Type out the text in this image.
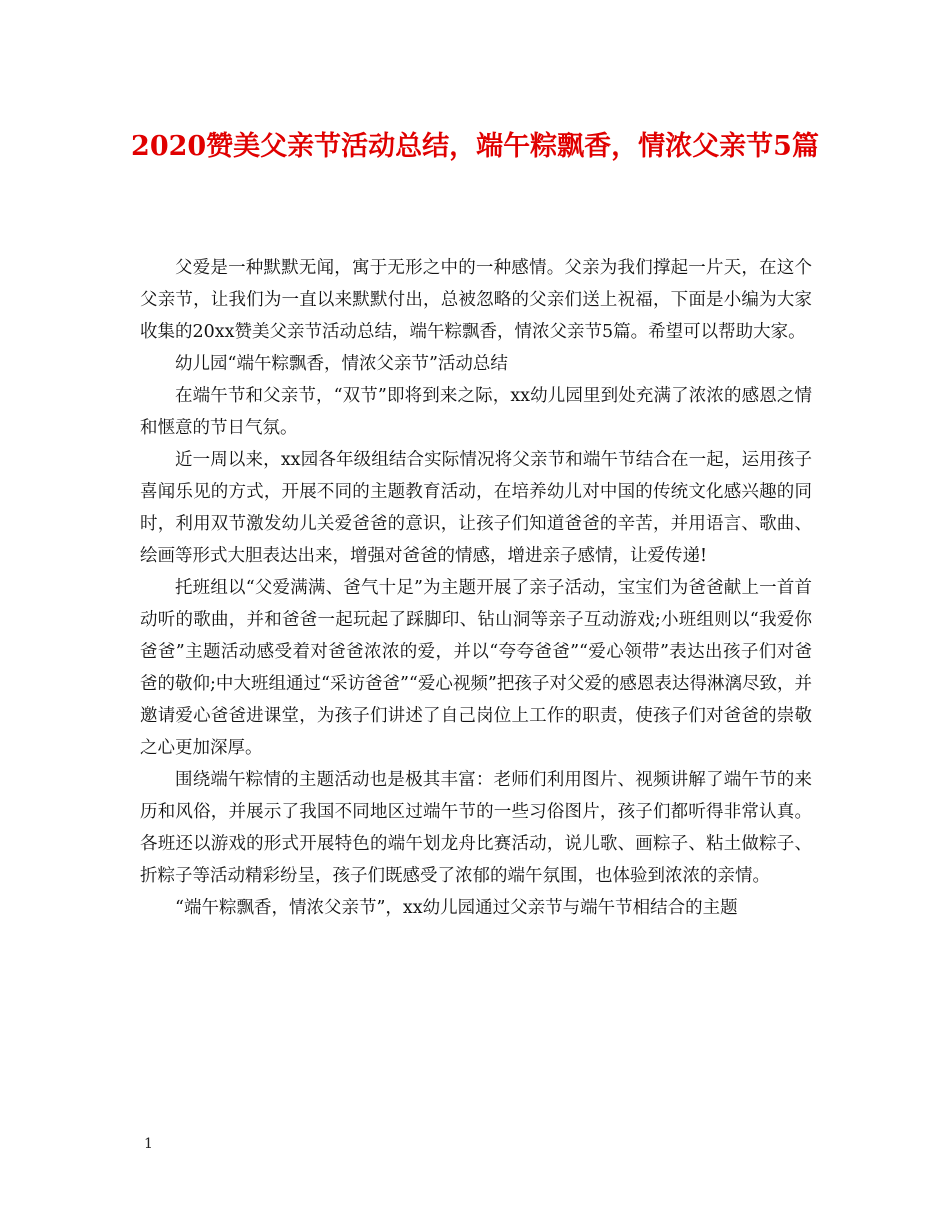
2020赞美父亲节活动总结，端午粽飘香，情浓父亲节5篇

父爱是一种默默无闻，寓于无形之中的一种感情。父亲为我们撑起一片天，在这个父亲节，让我们为一直以来默默付出，总被忽略的父亲们送上祝福，下面是小编为大家收集的20xx赞美父亲节活动总结，端午粽飘香，情浓父亲节5篇。希望可以帮助大家。

幼儿园“端午粽飘香，情浓父亲节”活动总结

在端午节和父亲节，“双节”即将到来之际，xx幼儿园里到处充满了浓浓的感恩之情和惬意的节日气氛。

近一周以来，xx园各年级组结合实际情况将父亲节和端午节结合在一起，运用孩子喜闻乐见的方式，开展不同的主题教育活动，在培养幼儿对中国的传统文化感兴趣的同时，利用双节激发幼儿关爱爸爸的意识，让孩子们知道爸爸的辛苦，并用语言、歌曲、绘画等形式大胆表达出来，增强对爸爸的情感，增进亲子感情，让爱传递!

托班组以“父爱满满、爸气十足”为主题开展了亲子活动，宝宝们为爸爸献上一首首动听的歌曲，并和爸爸一起玩起了踩脚印、钻山洞等亲子互动游戏;小班组则以“我爱你爸爸”主题活动感受着对爸爸浓浓的爱，并以“夸夸爸爸”“爱心领带”表达出孩子们对爸爸的敬仰;中大班组通过“采访爸爸”“爱心视频”把孩子对父爱的感恩表达得淋漓尽致，并邀请爱心爸爸进课堂，为孩子们讲述了自己岗位上工作的职责，使孩子们对爸爸的崇敬之心更加深厚。

围绕端午粽情的主题活动也是极其丰富：老师们利用图片、视频讲解了端午节的来历和风俗，并展示了我国不同地区过端午节的一些习俗图片，孩子们都听得非常认真。各班还以游戏的形式开展特色的端午划龙舟比赛活动，说儿歌、画粽子、粘土做粽子、折粽子等活动精彩纷呈，孩子们既感受了浓郁的端午氛围，也体验到浓浓的亲情。

“端午粽飘香，情浓父亲节”，xx幼儿园通过父亲节与端午节相结合的主题

1
